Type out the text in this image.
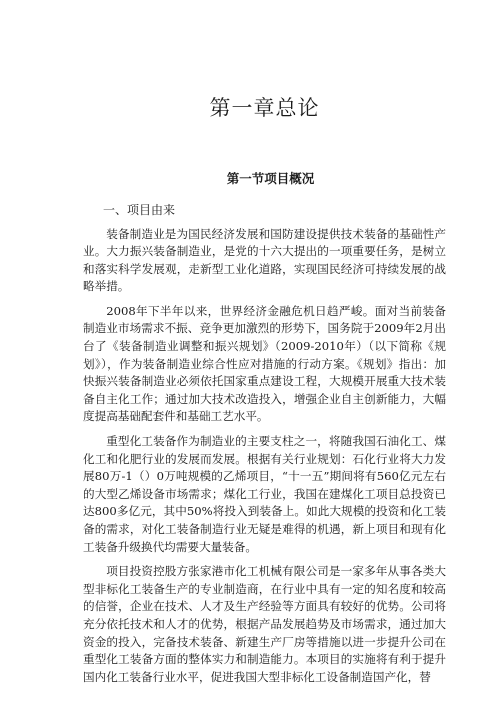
第一章总论
第一节项目概况
一、项目由来

装备制造业是为国民经济发展和国防建设提供技术装备的基础性产业。大力振兴装备制造业，是党的十六大提出的一项重要任务，是树立和落实科学发展观，走新型工业化道路，实现国民经济可持续发展的战略举措。

2008年下半年以来，世界经济金融危机日趋严峻。面对当前装备制造业市场需求不振、竞争更加激烈的形势下，国务院于2009年2月出台了《装备制造业调整和振兴规划》（2009-2010年）（以下简称《规划》），作为装备制造业综合性应对措施的行动方案。《规划》指出：加快振兴装备制造业必须依托国家重点建设工程，大规模开展重大技术装备自主化工作；通过加大技术改造投入，增强企业自主创新能力，大幅度提高基础配套件和基础工艺水平。

重型化工装备作为制造业的主要支柱之一，将随我国石油化工、煤化工和化肥行业的发展而发展。根据有关行业规划：石化行业将大力发展80万-1（）0万吨规模的乙烯项目，“十一五”期间将有560亿元左右的大型乙烯设备市场需求；煤化工行业，我国在建煤化工项目总投资已达800多亿元，其中50%将投入到装备上。如此大规模的投资和化工装备的需求，对化工装备制造行业无疑是难得的机遇，新上项目和现有化工装备升级换代均需要大量装备。

项目投资控股方张家港市化工机械有限公司是一家多年从事各类大型非标化工装备生产的专业制造商，在行业中具有一定的知名度和较高的信誉，企业在技术、人才及生产经验等方面具有较好的优势。公司将充分依托技术和人才的优势，根据产品发展趋势及市场需求，通过加大资金的投入，完备技术装备、新建生产厂房等措施以进一步提升公司在重型化工装备方面的整体实力和制造能力。本项目的实施将有利于提升国内化工装备行业水平，促进我国大型非标化工设备制造国产化，替
